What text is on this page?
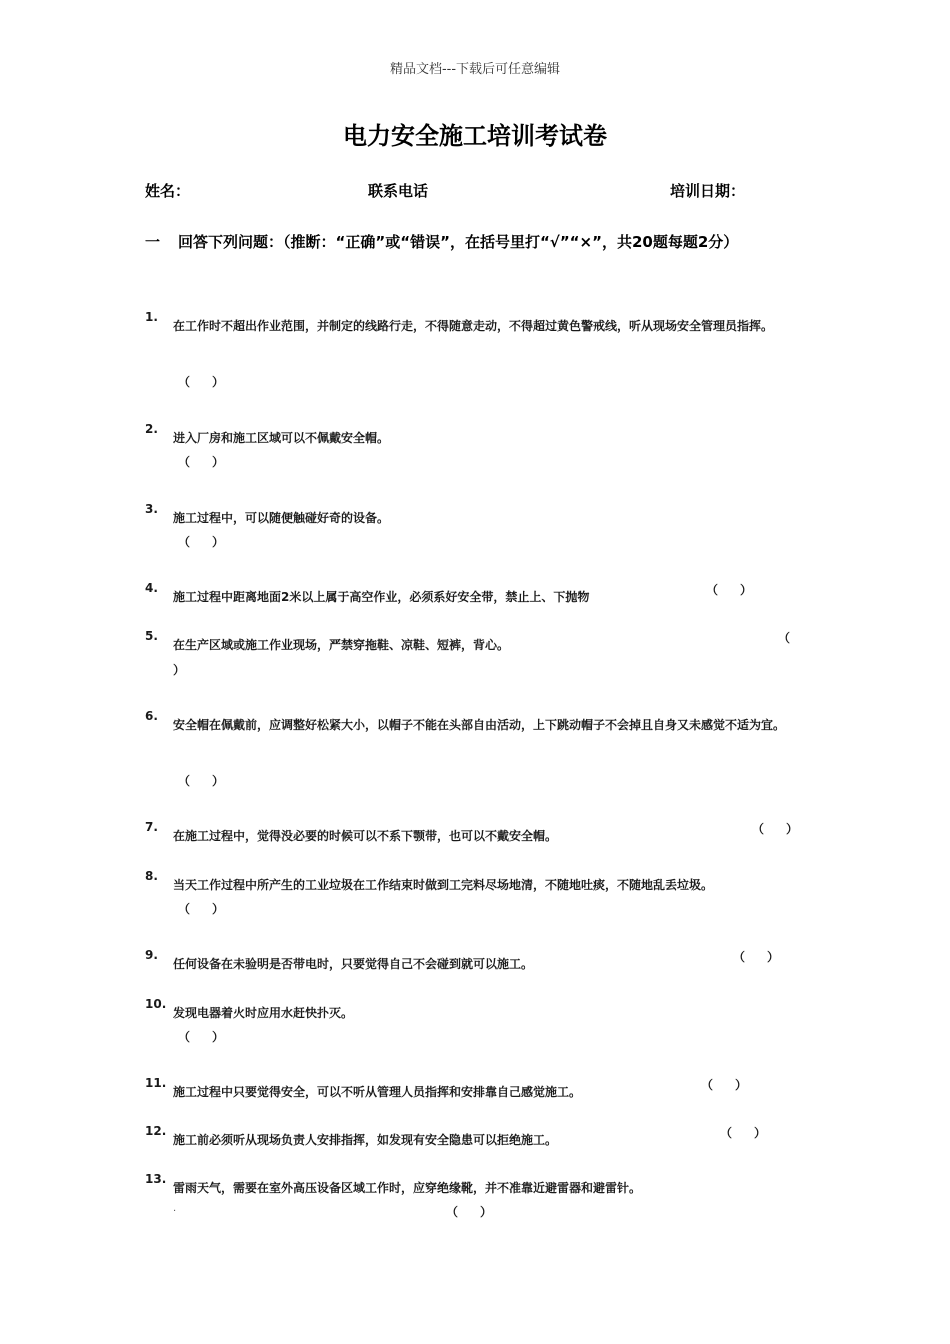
精品文档---下载后可任意编辑
电力安全施工培训考试卷
姓名：	联系电话	培训日期：
一 回答下列问题：（推断：“正确”或“错误”，在括号里打“√”“×”，共20题每题2分）
1.
在工作时不超出作业范围，并制定的线路行走，不得随意走动，不得超过黄色警戒线，听从现场安全管理员指挥。
（ ）
2.
进入厂房和施工区域可以不佩戴安全帽。
（ ）
3.
施工过程中，可以随便触碰好奇的设备。
（ ）
4.
施工过程中距离地面2米以上属于高空作业，必须系好安全带，禁止上、下抛物	（ ）
5.
在生产区域或施工作业现场，严禁穿拖鞋、凉鞋、短裤，背心。	（
）
6.
安全帽在佩戴前，应调整好松紧大小，以帽子不能在头部自由活动，上下跳动帽子不会掉且自身又未感觉不适为宜。
（ ）
7.
在施工过程中，觉得没必要的时候可以不系下颚带，也可以不戴安全帽。	（ ）
8.
当天工作过程中所产生的工业垃圾在工作结束时做到工完料尽场地清，不随地吐痰，不随地乱丢垃圾。
（ ）
9.
任何设备在未验明是否带电时，只要觉得自己不会碰到就可以施工。	（ ）
10.
发现电器着火时应用水赶快扑灭。
（ ）
11.
施工过程中只要觉得安全，可以不听从管理人员指挥和安排靠自己感觉施工。	（ ）
12.
施工前必须听从现场负责人安排指挥，如发现有安全隐患可以拒绝施工。	（ ）
13.
雷雨天气，需要在室外高压设备区域工作时，应穿绝缘靴，并不准靠近避雷器和避雷针。
·	（ ）
